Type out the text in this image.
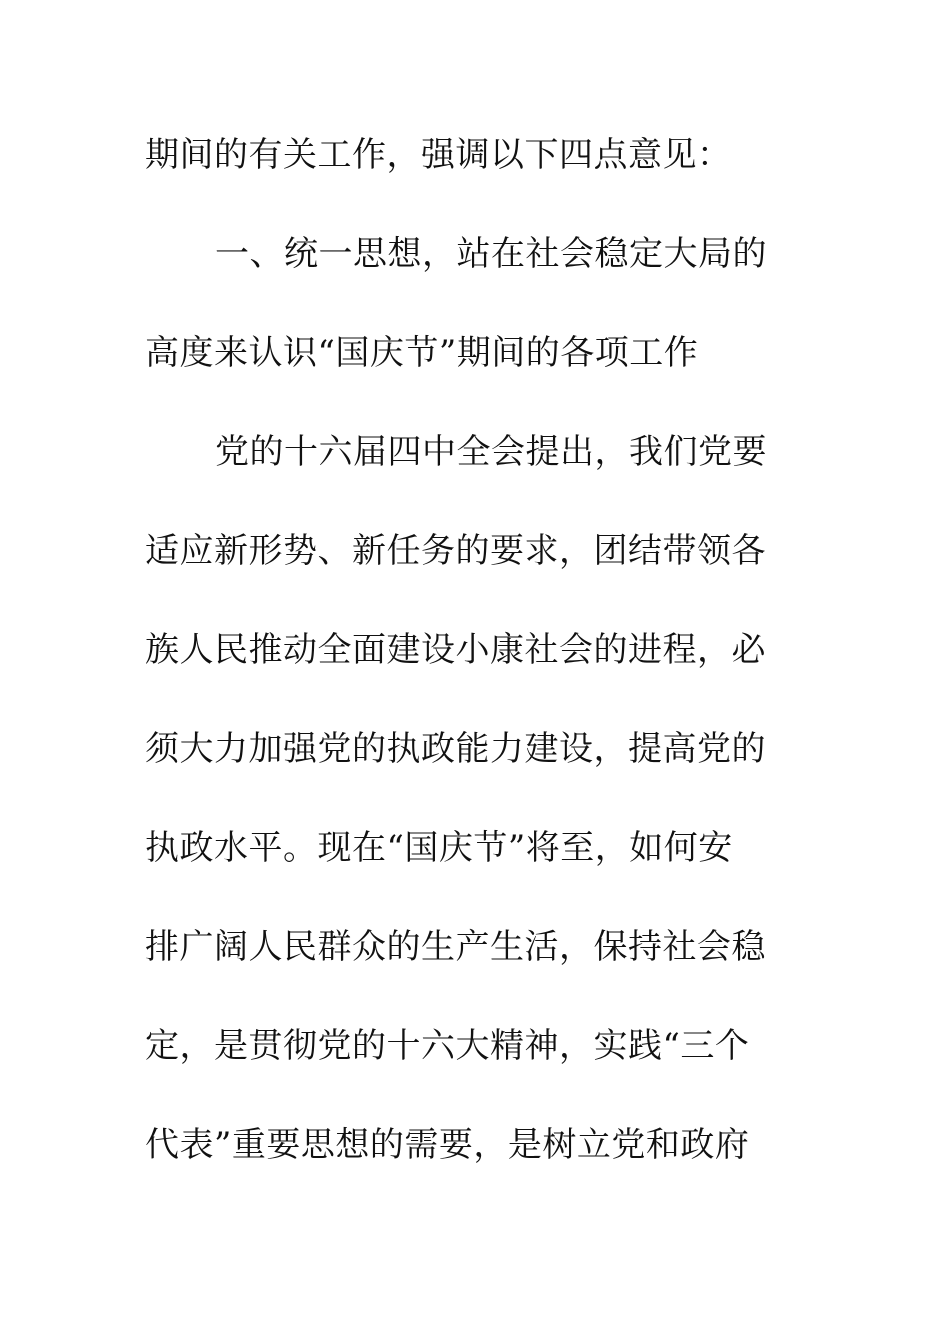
期间的有关工作，强调以下四点意见：
一、统一思想，站在社会稳定大局的
高度来认识“国庆节”期间的各项工作
党的十六届四中全会提出，我们党要
适应新形势、新任务的要求，团结带领各
族人民推动全面建设小康社会的进程，必
须大力加强党的执政能力建设，提高党的
执政水平。现在“国庆节”将至，如何安
排广阔人民群众的生产生活，保持社会稳
定，是贯彻党的十六大精神，实践“三个
代表”重要思想的需要，是树立党和政府
